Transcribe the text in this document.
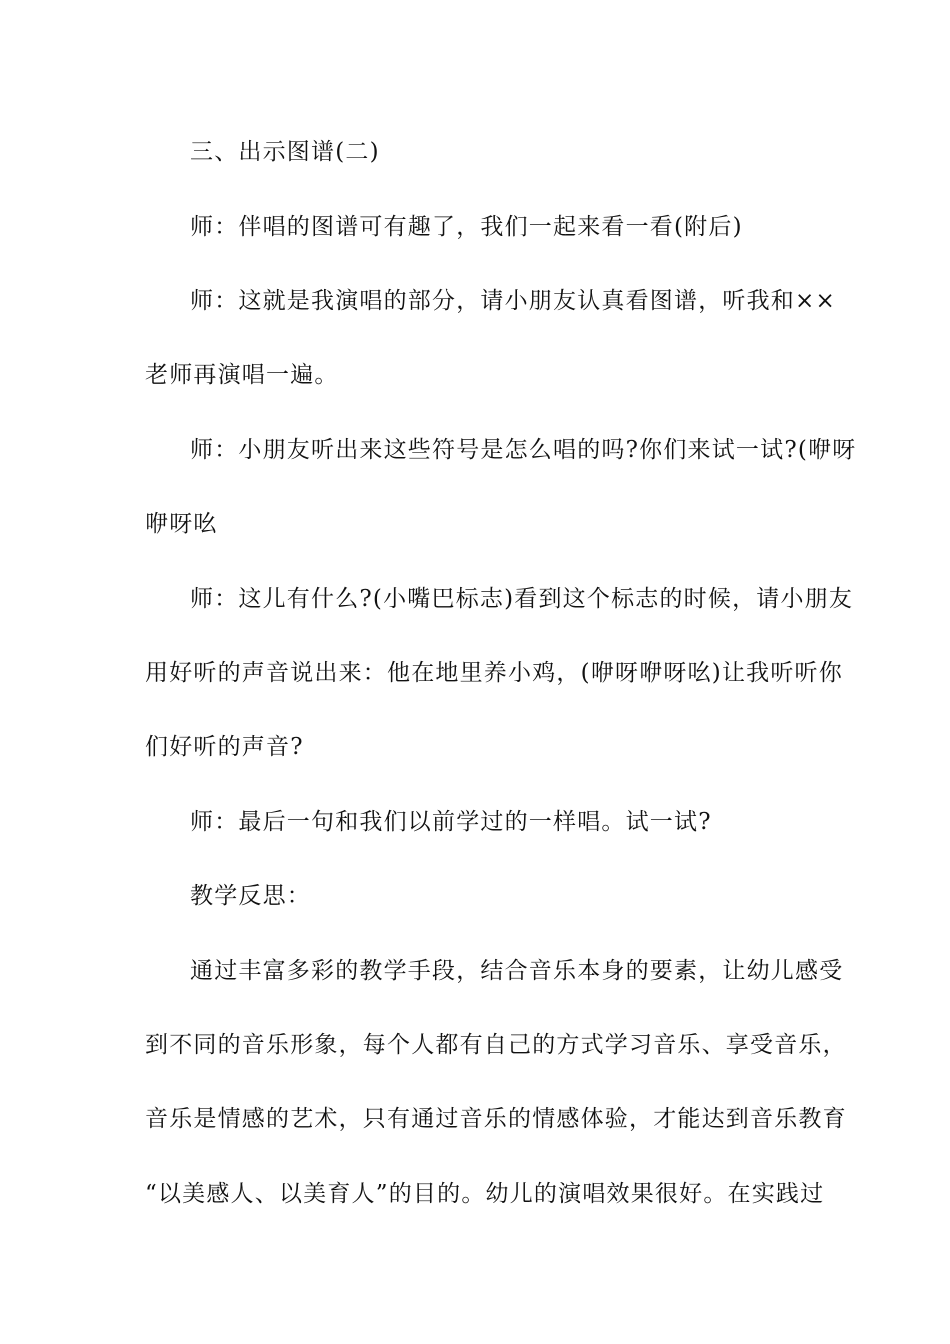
三、出示图谱(二)
师：伴唱的图谱可有趣了，我们一起来看一看(附后)
师：这就是我演唱的部分，请小朋友认真看图谱，听我和××
老师再演唱一遍。
师：小朋友听出来这些符号是怎么唱的吗?你们来试一试?(咿呀
咿呀吆
师：这儿有什么?(小嘴巴标志)看到这个标志的时候，请小朋友
用好听的声音说出来：他在地里养小鸡，(咿呀咿呀吆)让我听听你
们好听的声音?
师：最后一句和我们以前学过的一样唱。试一试?
教学反思：
通过丰富多彩的教学手段，结合音乐本身的要素，让幼儿感受
到不同的音乐形象，每个人都有自己的方式学习音乐、享受音乐，
音乐是情感的艺术，只有通过音乐的情感体验，才能达到音乐教育
“以美感人、以美育人”的目的。幼儿的演唱效果很好。在实践过
